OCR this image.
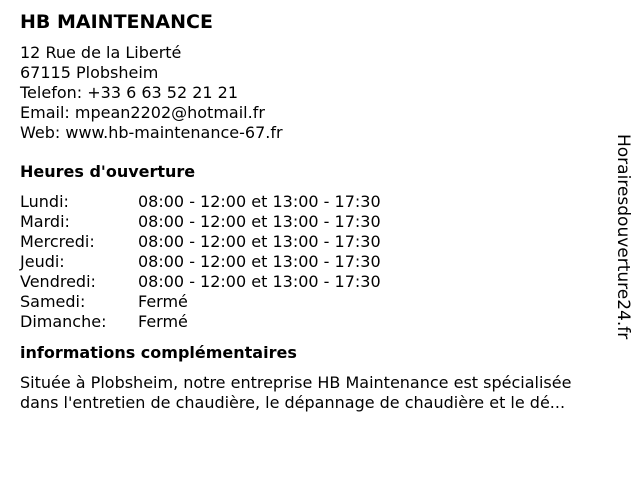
HB MAINTENANCE
12 Rue de la Liberté
67115 Plobsheim
Telefon: +33 6 63 52 21 21
Email: mpean2202@hotmail.fr
Web: www.hb-maintenance-67.fr
Heures d'ouverture
Lundi:	08:00 - 12:00 et 13:00 - 17:30
Mardi:	08:00 - 12:00 et 13:00 - 17:30
Mercredi:	08:00 - 12:00 et 13:00 - 17:30
Jeudi:	08:00 - 12:00 et 13:00 - 17:30
Vendredi:	08:00 - 12:00 et 13:00 - 17:30
Samedi:	Fermé
Dimanche: Fermé
informations complémentaires
Située à Plobsheim, notre entreprise HB Maintenance est spécialisée
dans l'entretien de chaudière, le dépannage de chaudière et le dé...
Horairesdouverture24.fr
